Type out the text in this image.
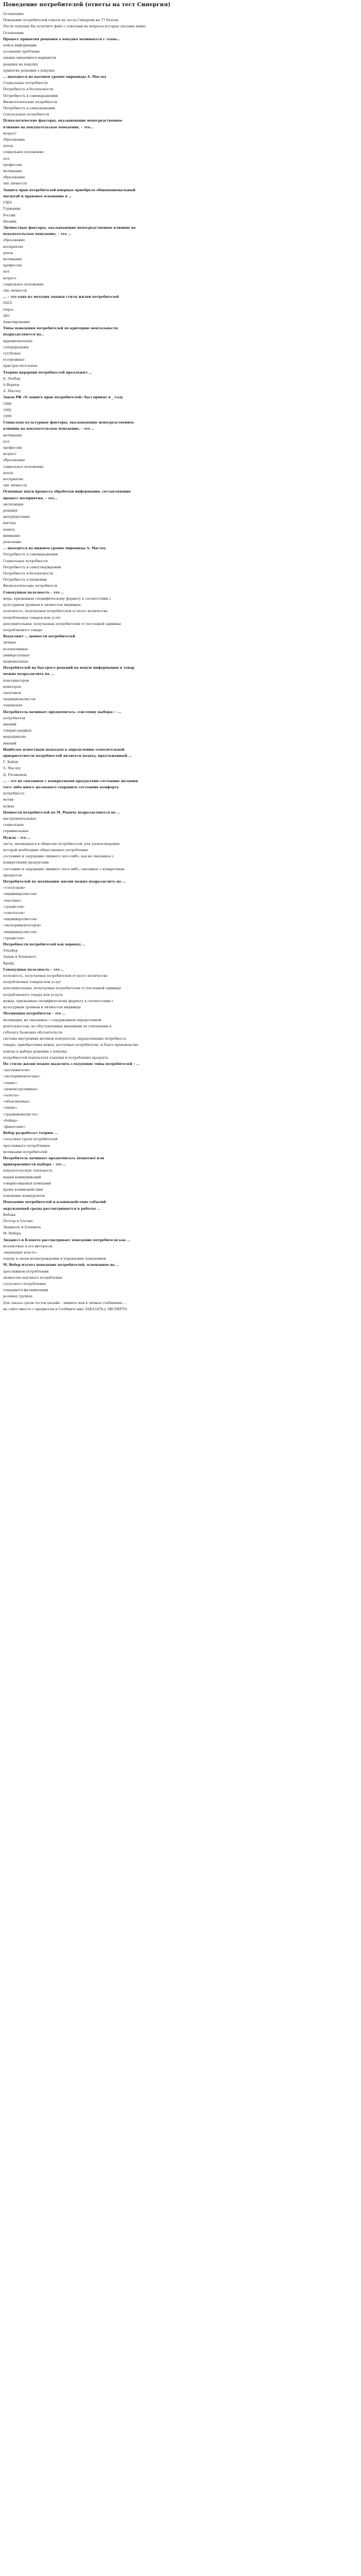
Поведение потребителей (ответы на тест Синергия)
Оглавление
Поведение потребителей ответы на тесты Синергии на 77 баллов
После покупки Вы получите файл с ответами на вопросы которые указаны ниже:
Оглавление
Процесс принятия решения о покупке начинается с этапа…
поиск информации
осознание проблемы
оценка имеющихся вариантов
реакция на покупку
принятие решения о покупке
… находится на высшем уровне пирамиды А. Маслоу
Социальные потребности
Потребность в безопасности
Потребность в самовыражении
Физиологические потребности
Потребность в самоуважении
Сексуальные потребности
Психологические факторы, оказывающие непосредственное
влияние на покупательское поведение, – это…
возраст
образование
доход
социальное положение
пол
профессия
мотивация
образование
тип личности
Защита прав потребителей впервые приобрела общенациональный
масштаб и правовое основание в …
США
Германии
России
Японии
Личностные факторы, оказывающие непосредственное влияние на
покупательское поведение, – это …
образование
восприятие
доход
мотивация
профессия
пол
возраст
социальное положение
тип личности
… – это одна из методик оценки стиля жизни потребителей
VALS
Опрос
AIO
Анкетирование
Типы поведения потребителей по критерию ментальности
подразделяются на…
иррациональные
суперпродажи
сугубовые
осторожные
пристрастительные
Теорию иерархии потребностей предложил …
Б. Элебер
А.Веркер
А. Маслоу
Закон РФ «О защите прав потребителей» был принят в _ году
1996
1992
1999
Социально-культурные факторы, оказывающие непосредственное
влияние на покупательское поведение, – это …
мотивация
пол
профессия
возраст
образование
социальное положение
доход
восприятие
тип личности
Основные шаги процесса обработки информации, составляющие
процесс восприятия, – это…
экспозиция
реакция
интерпретация
выгоды
понять
внимание
увлечение
… находится на нижнем уровне пирамиды А. Маслоу
Потребность в самовыражении
Социальные потребности
Потребность в самоутверждении
Потребность в безопасности
Потребность в уважении
Физиологические потребности
Совокупная полезность – это …
мера, призванная специфическому формату в соответствии с
культурным уровнем и личностью индивида
полезность, получаемая потребителем от всего количества
потребляемых товаров или услуг
дополнительная, получаемая потребителем от последней единицы
потребляемого товара
Выделяют … ценности потребителей
личные
коллективные
универсальные
национальные
Потребителей на быстрого реакций на новую информацию в товар
можно подразделить на …
консерваторов
новаторов
скептиков
традиционалистов
чемпионов
Потребитель начинает предпочитать «системну выбора» – …
потребителя
мнений
товарно-рыдных
мероприятие
мнений
Наиболее известным подходом к определению относительной
приоритетности потребностей является подход, предложенный …
Г. Хойли
А. Маслоу
Д. Рэганеном
… – это не связанное с конкретными продуктами состояние желания
того либо иного желаемого сохранить состояние комфорта
потребность
мотив
нужда
Ценности потребителей по М. Рокичу подразделяются на …
инструментальные
социальные
терминальные
Нужда – это …
часть, являющаяся в обществе потребностей, для удовлетворения
которой необходимо общественное потребление
состояние и задущение лишнего чего-либо, как не связанное с
конкретными продуктами
состояние и задущение лишнего чего-либо, связанное с конкретным
продуктом
Потребителей по мотивацию жизни можно подразделить на …
«статусным»
«индивидуалистов»
«пассивы»
«традистов»
«элитпатов»
«индивидуалистов»
«экспериментаторов»
«индивидуалистов»
«традистов»
Потребности потребителей как перевод …
Эльейер
Задаж и Блекевеге
Фрейд
Совокупная полезность – это …
полезность, получаемая потребителем от всего количества
потребляемых товаров или услуг
дополнительная, получаемая потребителем от последней единицы
потребляемого товара или услуги
нужда, призванная специфическому формату в соответствии с
культурным уровнем и личностью индивида
Мотивация потребителя – это …
мотивация, не связанные с содержанием определенной
деятельностью, но обусловленная внешними по отношению к
субъекту базисных обстоятельств
система внутренних мотивов покупателя, определяющих потребность
товары, приобретения новых, доступных потребителю, и благо производства
поиска и выбора решения о покупке
потребностей покупателя покупки и потребления продукта
По стилю жизни можно выделить следующие типы потребителей – …
«достижители»
«экспериментаторы»
«тихие»
«демонстративные»
«аскеты»
«объясняемые»
«тихие»
«традиционалисты»
«бойцы»
«фанатские»
Вебер разработал теорию …
статусных групп потребителей
престижного потребления
мотивации потребителей
Потребитель начинает предпочитать (понятие) или
приверженности выбора – это …
покупательскую лояльность
марки коммуникаций
товарно-видовых компаний
кроме взаимодействия
поведение конкурентов
Поведение потребителей и взаимодействие событий
окружающей среды рассматривается в работах …
Вебена
Петтер и Олсона
Зиджиэль и Блеквиль
М. Вебера
Зиджиэл и Блекете рассматривает поведение потребителя как …
незаметные в его интересах
«вершащее власть»
основу в своем вознаграждении и управления поведением
М. Вебер изучал поведение потребителей, основанное на …
престижном потреблении
личностно-научного потребления
статусного потребления
гендерного-фетишизации
ролевых группах
Для заказа сдачи тестов онлайн – пишите нам в личные сообщения …
на сайте вместе с предметом и Сообщите мне ЗАКАЗАТЬ у ЭКСПЕРТА
